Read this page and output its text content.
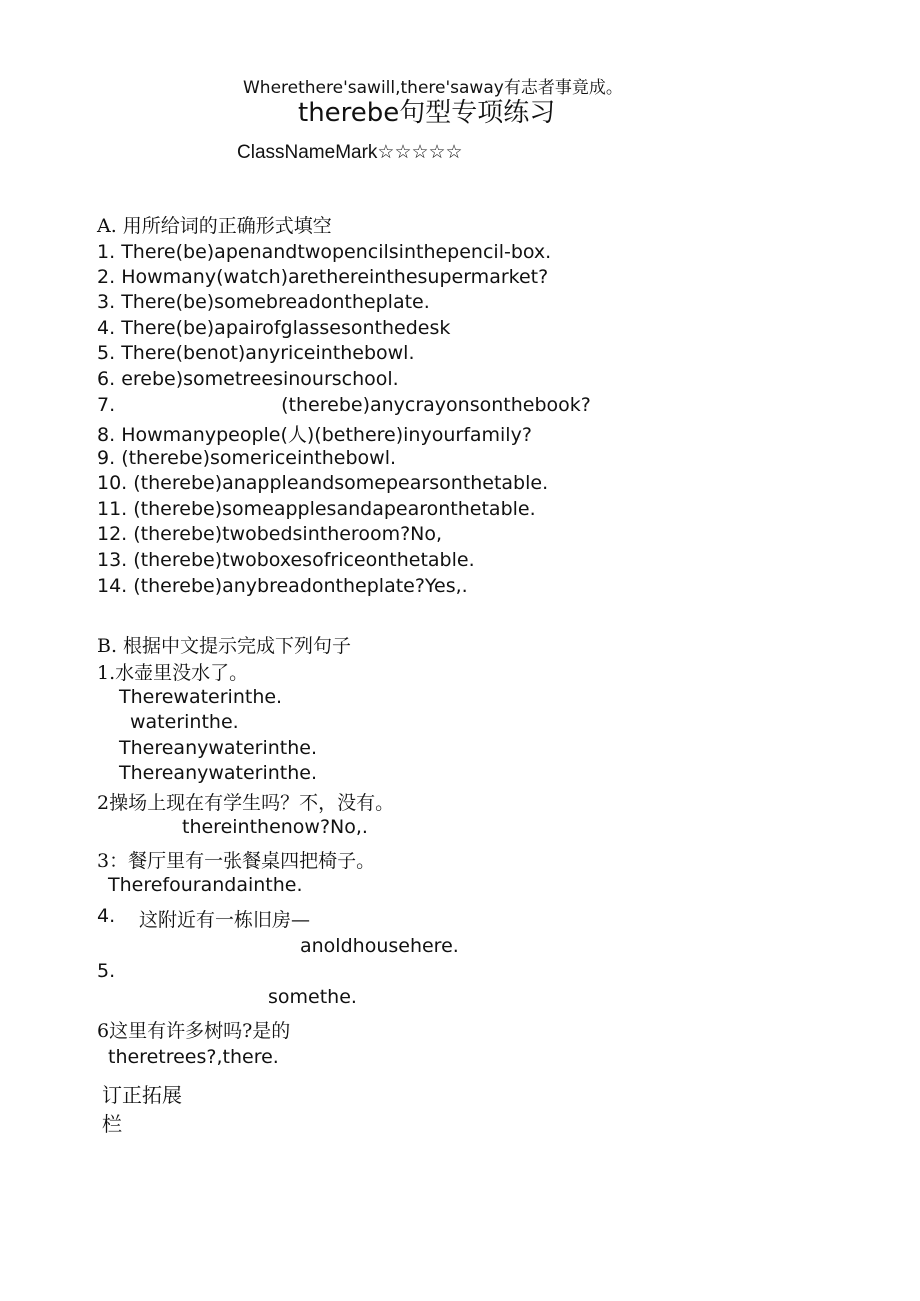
Wherethere'sawill,there'saway有志者事竟成。
therebe句型专项练习
ClassNameMark☆☆☆☆☆
A. 用所给词的正确形式填空
1. There(be)apenandtwopencilsinthepencil-box.
2. Howmany(watch)arethereinthesupermarket?
3. There(be)somebreadontheplate.
4. There(be)apairofglassesonthedesk
5. There(benot)anyriceinthebowl.
6. erebe)sometreesinourschool.
7.	(therebe)anycrayonsonthebook?
8. Howmanypeople(人)(bethere)inyourfamily?
9. (therebe)somericeinthebowl.
10. (therebe)anappleandsomepearsonthetable.
11. (therebe)someapplesandapearonthetable.
12. (therebe)twobedsintheroom?No,
13. (therebe)twoboxesofriceonthetable.
14. (therebe)anybreadontheplate?Yes,.
B. 根据中文提示完成下列句子
1.水壶里没水了。
Therewaterinthe.
waterinthe.
Thereanywaterinthe.
Thereanywaterinthe.
2操场上现在有学生吗？不，没有。
thereinthenow?No,.
3：餐厅里有一张餐桌四把椅子。
Therefourandainthe.
4. 这附近有一栋旧房—
anoldhousehere.
5.
somethe.
6这里有许多树吗?是的
theretrees?,there.
订正拓展
栏
